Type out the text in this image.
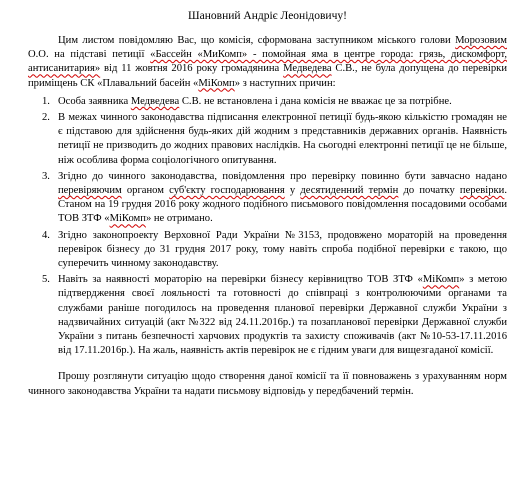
Шановний Андріє Леонідовичу!

Цим листом повідомляю Вас, що комісія, сформована заступником міського голови Морозовим О.О. на підставі петиції «Бассейн «МиКомп» - помойная яма в центре города: грязь, дискомфорт, антисанитария» від 11 жовтня 2016 року громадянина Медведева С.В., не була допущена до перевірки приміщень СК «Плавальний басейн «МіКомп» з наступних причин:

1. Особа заявника Медведева С.В. не встановлена і дана комісія не вважає це за потрібне.
2. В межах чинного законодавства підписання електронної петиції будь-якою кількістю громадян не є підставою для здійснення будь-яких дій жодним з представників державних органів. Наявність петиції не призводить до жодних правових наслідків. На сьогодні електронні петиції це не більше, ніж особлива форма соціологічного опитування.
3. Згідно до чинного законодавства, повідомлення про перевірку повинно бути завчасно надано перевіряючим органом суб'єкту господарювання у десятиденний термін до початку перевірки. Станом на 19 грудня 2016 року жодного подібного письмового повідомлення посадовими особами ТОВ ЗТФ «МіКомп» не отримано.
4. Згідно законопроекту Верховної Ради України №3153, продовжено мораторій на проведення перевірок бізнесу до 31 грудня 2017 року, тому навіть спроба подібної перевірки є такою, що суперечить чинному законодавству.
5. Навіть за наявності мораторію на перевірки бізнесу керівництво ТОВ ЗТФ «МіКомп» з метою підтвердження своєї лояльності та готовності до співпраці з контролюючими органами та службами раніше погодилось на проведення планової перевірки Державної служби України з надзвичайних ситуацій (акт №322 від 24.11.2016р.) та позапланової перевірки Державної служби України з питань безпечності харчових продуктів та захисту споживачів (акт №10-53-17.11.2016 від 17.11.2016р.). На жаль, наявність актів перевірок не є гідним уваги для вищезгаданої комісії.

Прошу розглянути ситуацію щодо створення даної комісії та її повноважень з урахуванням норм чинного законодавства України та надати письмову відповідь у передбачений термін.
